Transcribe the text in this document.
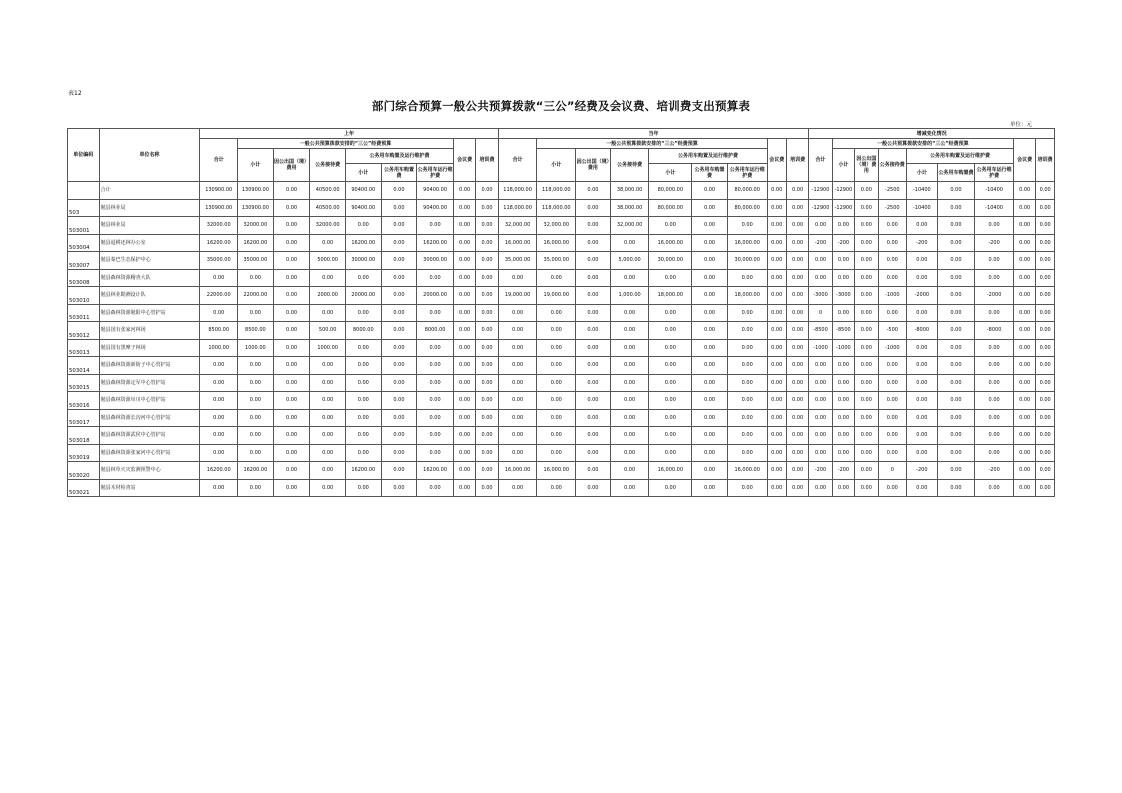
表12
部门综合预算一般公共预算拨款“三公”经费及会议费、培训费支出预算表
单位：元
单位编码	单位名称	上年									当年									增减变化情况								
		合计	一般公共预算拨款安排的“三公”经费预算						会议费	培训费	合计	一般公共预算拨款安排的“三公”经费预算						会议费	培训费	合计	一般公共预算拨款安排的“三公”经费预算						会议费	培训费
			小计	因公出国（境）费用	公务接待费	公务用车购置及运行维护费						小计	因公出国（境）费用	公务接待费	公务用车购置及运行维护费						小计	因公出国（境）费用	公务接待费	公务用车购置及运行维护费				
						小计	公务用车购置费	公务用车运行维护费							小计	公务用车购置费	公务用车运行维护费							小计	公务用车购置费	公务用车运行维护费		
	合计	130900.00	130900.00	0.00	40500.00	90400.00	0.00	90400.00	0.00	0.00	118,000.00	118,000.00	0.00	38,000.00	80,000.00	0.00	80,000.00	0.00	0.00	-12900	-12900	0.00	-2500	-10400	0.00	-10400	0.00	0.00
503	勉县林业局	130900.00	130900.00	0.00	40500.00	90400.00	0.00	90400.00	0.00	0.00	118,000.00	118,000.00	0.00	38,000.00	80,000.00	0.00	80,000.00	0.00	0.00	-12900	-12900	0.00	-2500	-10400	0.00	-10400	0.00	0.00
503001	勉县林业局	32000.00	32000.00	0.00	32000.00	0.00	0.00	0.00	0.00	0.00	32,000.00	32,000.00	0.00	32,000.00	0.00	0.00	0.00	0.00	0.00	0.00	0.00	0.00	0.00	0.00	0.00	0.00	0.00	0.00
503004	勉县退耕还林办公室	16200.00	16200.00	0.00	0.00	16200.00	0.00	16200.00	0.00	0.00	16,000.00	16,000.00	0.00	0.00	16,000.00	0.00	16,000.00	0.00	0.00	-200	-200	0.00	0.00	-200	0.00	-200	0.00	0.00
503007	勉县秦巴生态保护中心	35000.00	35000.00	0.00	5000.00	30000.00	0.00	30000.00	0.00	0.00	35,000.00	35,000.00	0.00	5,000.00	30,000.00	0.00	30,000.00	0.00	0.00	0.00	0.00	0.00	0.00	0.00	0.00	0.00	0.00	0.00
503008	勉县森林资源稽查大队	0.00	0.00	0.00	0.00	0.00	0.00	0.00	0.00	0.00	0.00	0.00	0.00	0.00	0.00	0.00	0.00	0.00	0.00	0.00	0.00	0.00	0.00	0.00	0.00	0.00	0.00	0.00
503010	勉县林业勘测设计队	22000.00	22000.00	0.00	2000.00	20000.00	0.00	20000.00	0.00	0.00	19,000.00	19,000.00	0.00	1,000.00	18,000.00	0.00	18,000.00	0.00	0.00	-3000	-3000	0.00	-1000	-2000	0.00	-2000	0.00	0.00
503011	勉县森林资源勉阳中心管护站	0.00	0.00	0.00	0.00	0.00	0.00	0.00	0.00	0.00	0.00	0.00	0.00	0.00	0.00	0.00	0.00	0.00	0.00	0	0.00	0.00	0.00	0.00	0.00	0.00	0.00	0.00
503012	勉县国有张家河林场	8500.00	8500.00	0.00	500.00	8000.00	0.00	8000.00	0.00	0.00	0.00	0.00	0.00	0.00	0.00	0.00	0.00	0.00	0.00	-8500	-8500	0.00	-500	-8000	0.00	-8000	0.00	0.00
503013	勉县国有黑摩子林场	1000.00	1000.00	0.00	1000.00	0.00	0.00	0.00	0.00	0.00	0.00	0.00	0.00	0.00	0.00	0.00	0.00	0.00	0.00	-1000	-1000	0.00	-1000	0.00	0.00	0.00	0.00	0.00
503014	勉县森林资源新街子中心管护站	0.00	0.00	0.00	0.00	0.00	0.00	0.00	0.00	0.00	0.00	0.00	0.00	0.00	0.00	0.00	0.00	0.00	0.00	0.00	0.00	0.00	0.00	0.00	0.00	0.00	0.00	0.00
503015	勉县森林资源定军中心管护站	0.00	0.00	0.00	0.00	0.00	0.00	0.00	0.00	0.00	0.00	0.00	0.00	0.00	0.00	0.00	0.00	0.00	0.00	0.00	0.00	0.00	0.00	0.00	0.00	0.00	0.00	0.00
503016	勉县森林资源阜川中心管护站	0.00	0.00	0.00	0.00	0.00	0.00	0.00	0.00	0.00	0.00	0.00	0.00	0.00	0.00	0.00	0.00	0.00	0.00	0.00	0.00	0.00	0.00	0.00	0.00	0.00	0.00	0.00
503017	勉县森林资源长沟河中心管护站	0.00	0.00	0.00	0.00	0.00	0.00	0.00	0.00	0.00	0.00	0.00	0.00	0.00	0.00	0.00	0.00	0.00	0.00	0.00	0.00	0.00	0.00	0.00	0.00	0.00	0.00	0.00
503018	勉县森林资源武侯中心管护站	0.00	0.00	0.00	0.00	0.00	0.00	0.00	0.00	0.00	0.00	0.00	0.00	0.00	0.00	0.00	0.00	0.00	0.00	0.00	0.00	0.00	0.00	0.00	0.00	0.00	0.00	0.00
503019	勉县森林资源张家河中心管护站	0.00	0.00	0.00	0.00	0.00	0.00	0.00	0.00	0.00	0.00	0.00	0.00	0.00	0.00	0.00	0.00	0.00	0.00	0.00	0.00	0.00	0.00	0.00	0.00	0.00	0.00	0.00
503020	勉县林草火灾监测预警中心	16200.00	16200.00	0.00	0.00	16200.00	0.00	16200.00	0.00	0.00	16,000.00	16,000.00	0.00	0.00	16,000.00	0.00	16,000.00	0.00	0.00	-200	-200	0.00	0	-200	0.00	-200	0.00	0.00
503021	勉县木材检查站	0.00	0.00	0.00	0.00	0.00	0.00	0.00	0.00	0.00	0.00	0.00	0.00	0.00	0.00	0.00	0.00	0.00	0.00	0.00	0.00	0.00	0.00	0.00	0.00	0.00	0.00	0.00
